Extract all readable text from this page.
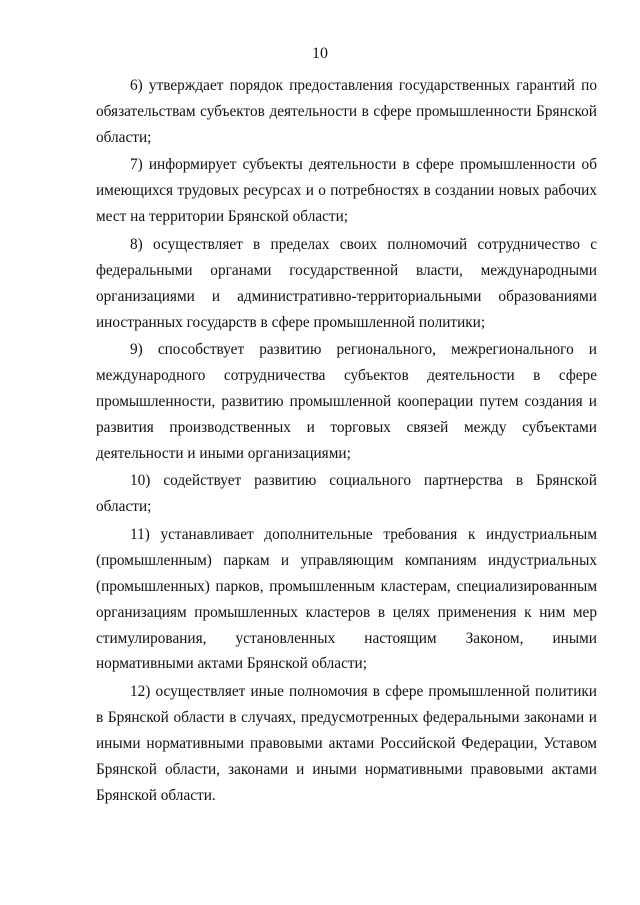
10

6) утверждает порядок предоставления государственных гарантий по обязательствам субъектов деятельности в сфере промышленности Брянской области;

7) информирует субъекты деятельности в сфере промышленности об имеющихся трудовых ресурсах и о потребностях в создании новых рабочих мест на территории Брянской области;

8) осуществляет в пределах своих полномочий сотрудничество с федеральными органами государственной власти, международными организациями и административно-территориальными образованиями иностранных государств в сфере промышленной политики;

9) способствует развитию регионального, межрегионального и международного сотрудничества субъектов деятельности в сфере промышленности, развитию промышленной кооперации путем создания и развития производственных и торговых связей между субъектами деятельности и иными организациями;

10) содействует развитию социального партнерства в Брянской области;

11) устанавливает дополнительные требования к индустриальным (промышленным) паркам и управляющим компаниям индустриальных (промышленных) парков, промышленным кластерам, специализированным организациям промышленных кластеров в целях применения к ним мер стимулирования, установленных настоящим Законом, иными нормативными актами Брянской области;

12) осуществляет иные полномочия в сфере промышленной политики в Брянской области в случаях, предусмотренных федеральными законами и иными нормативными правовыми актами Российской Федерации, Уставом Брянской области, законами и иными нормативными правовыми актами Брянской области.
